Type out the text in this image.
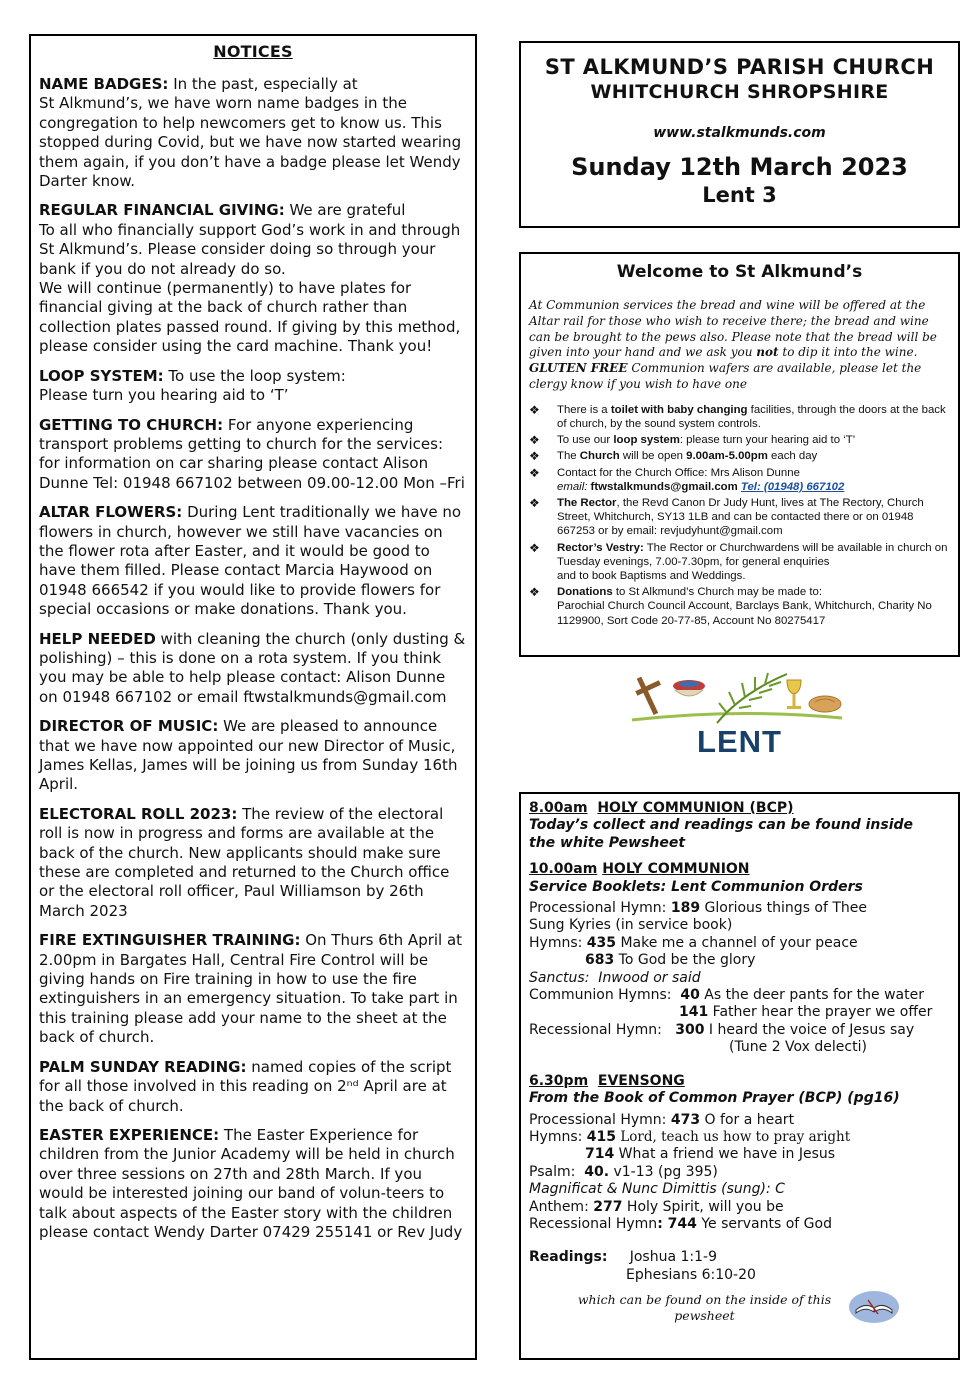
NOTICES
NAME BADGES: In the past, especially at
St Alkmund’s, we have worn name badges in the congregation to help newcomers get to know us. This stopped during Covid, but we have now started wearing them again, if you don’t have a badge please let Wendy Darter know.
REGULAR FINANCIAL GIVING: We are grateful
To all who financially support God’s work in and through St Alkmund’s. Please consider doing so through your bank if you do not already do so.
We will continue (permanently) to have plates for financial giving at the back of church rather than collection plates passed round. If giving by this method, please consider using the card machine. Thank you!
LOOP SYSTEM: To use the loop system:
Please turn you hearing aid to ‘T’
GETTING TO CHURCH: For anyone experiencing transport problems getting to church for the services: for information on car sharing please contact Alison Dunne Tel: 01948 667102 between 09.00-12.00 Mon –Fri
ALTAR FLOWERS: During Lent traditionally we have no flowers in church, however we still have vacancies on the flower rota after Easter, and it would be good to have them filled. Please contact Marcia Haywood on 01948 666542 if you would like to provide flowers for special occasions or make donations. Thank you.
HELP NEEDED with cleaning the church (only dusting & polishing) – this is done on a rota system. If you think you may be able to help please contact: Alison Dunne on 01948 667102 or email ftwstalkmunds@gmail.com
DIRECTOR OF MUSIC: We are pleased to announce that we have now appointed our new Director of Music, James Kellas, James will be joining us from Sunday 16th April.
ELECTORAL ROLL 2023: The review of the electoral roll is now in progress and forms are available at the back of the church. New applicants should make sure these are completed and returned to the Church office or the electoral roll officer, Paul Williamson by 26th March 2023
FIRE EXTINGUISHER TRAINING: On Thurs 6th April at 2.00pm in Bargates Hall, Central Fire Control will be giving hands on Fire training in how to use the fire extinguishers in an emergency situation. To take part in this training please add your name to the sheet at the back of church.
PALM SUNDAY READING: named copies of the script for all those involved in this reading on 2ⁿᵈ April are at the back of church.
EASTER EXPERIENCE: The Easter Experience for children from the Junior Academy will be held in church over three sessions on 27th and 28th March. If you would be interested joining our band of volun-teers to talk about aspects of the Easter story with the children please contact Wendy Darter 07429 255141 or Rev Judy
ST ALKMUND’S PARISH CHURCH
WHITCHURCH SHROPSHIRE
www.stalkmunds.com
Sunday 12th March 2023
Lent 3
Welcome to St Alkmund’s
At Communion services the bread and wine will be offered at the Altar rail for those who wish to receive there; the bread and wine can be brought to the pews also. Please note that the bread will be given into your hand and we ask you not to dip it into the wine. GLUTEN FREE Communion wafers are available, please let the clergy know if you wish to have one
❖ There is a toilet with baby changing facilities, through the doors at the back of church, by the sound system controls.
❖ To use our loop system: please turn your hearing aid to ‘T’
❖ The Church will be open 9.00am-5.00pm each day
❖ Contact for the Church Office: Mrs Alison Dunne
email: ftwstalkmunds@gmail.com Tel: (01948) 667102
❖ The Rector, the Revd Canon Dr Judy Hunt, lives at The Rectory, Church Street, Whitchurch, SY13 1LB and can be contacted there or on 01948 667253 or by email: revjudyhunt@gmail.com
❖ Rector’s Vestry: The Rector or Churchwardens will be available in church on Tuesday evenings, 7.00-7.30pm, for general enquiries
and to book Baptisms and Weddings.
❖ Donations to St Alkmund’s Church may be made to:
Parochial Church Council Account, Barclays Bank, Whitchurch, Charity No 1129900, Sort Code 20-77-85, Account No 80275417
LENT
8.00am HOLY COMMUNION (BCP)
Today’s collect and readings can be found inside
the white Pewsheet
10.00am HOLY COMMUNION
Service Booklets: Lent Communion Orders
Processional Hymn: 189 Glorious things of Thee
Sung Kyries (in service book)
Hymns: 435 Make me a channel of your peace
683 To God be the glory
Sanctus:  Inwood or said
Communion Hymns:  40 As the deer pants for the water
141 Father hear the prayer we offer
Recessional Hymn:   300 I heard the voice of Jesus say
(Tune 2 Vox delecti)
6.30pm EVENSONG
From the Book of Common Prayer (BCP) (pg16)
Processional Hymn: 473 O for a heart
Hymns: 415 Lord, teach us how to pray aright
714 What a friend we have in Jesus
Psalm:  40. v1-13 (pg 395)
Magnificat & Nunc Dimittis (sung): C
Anthem: 277 Holy Spirit, will you be
Recessional Hymn: 744 Ye servants of God
Readings: Joshua 1:1-9
Ephesians 6:10-20
which can be found on the inside of this
pewsheet
